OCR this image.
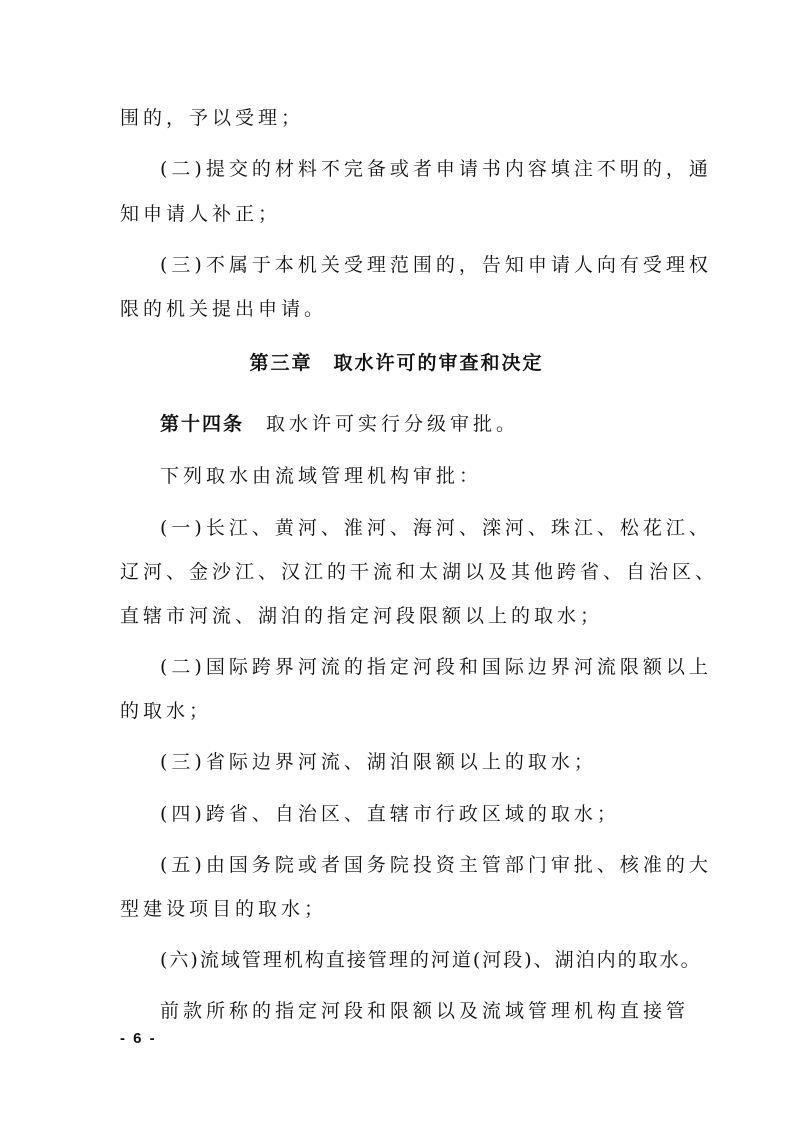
围的，予以受理；
(二)提交的材料不完备或者申请书内容填注不明的，通
知申请人补正；
(三)不属于本机关受理范围的，告知申请人向有受理权
限的机关提出申请。
第三章　取水许可的审查和决定
第十四条 取水许可实行分级审批。
下列取水由流域管理机构审批：
(一)长江、黄河、淮河、海河、滦河、珠江、松花江、
辽河、金沙江、汉江的干流和太湖以及其他跨省、自治区、
直辖市河流、湖泊的指定河段限额以上的取水；
(二)国际跨界河流的指定河段和国际边界河流限额以上
的取水；
(三)省际边界河流、湖泊限额以上的取水；
(四)跨省、自治区、直辖市行政区域的取水；
(五)由国务院或者国务院投资主管部门审批、核准的大
型建设项目的取水；
(六)流域管理机构直接管理的河道(河段)、湖泊内的取水。
前款所称的指定河段和限额以及流域管理机构直接管
- 6 -
